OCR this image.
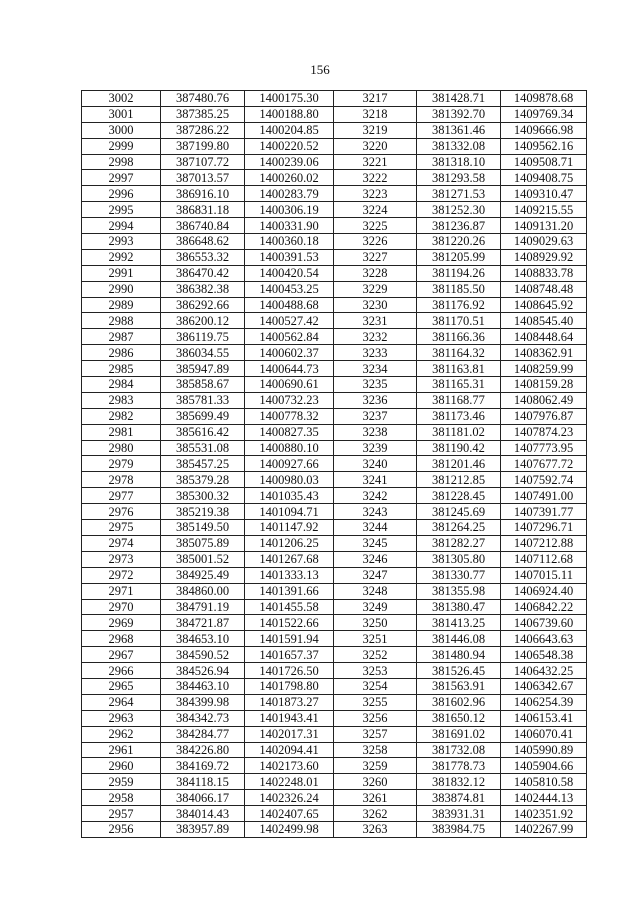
156
3002	387480.76	1400175.30	3217	381428.71	1409878.68
3001	387385.25	1400188.80	3218	381392.70	1409769.34
3000	387286.22	1400204.85	3219	381361.46	1409666.98
2999	387199.80	1400220.52	3220	381332.08	1409562.16
2998	387107.72	1400239.06	3221	381318.10	1409508.71
2997	387013.57	1400260.02	3222	381293.58	1409408.75
2996	386916.10	1400283.79	3223	381271.53	1409310.47
2995	386831.18	1400306.19	3224	381252.30	1409215.55
2994	386740.84	1400331.90	3225	381236.87	1409131.20
2993	386648.62	1400360.18	3226	381220.26	1409029.63
2992	386553.32	1400391.53	3227	381205.99	1408929.92
2991	386470.42	1400420.54	3228	381194.26	1408833.78
2990	386382.38	1400453.25	3229	381185.50	1408748.48
2989	386292.66	1400488.68	3230	381176.92	1408645.92
2988	386200.12	1400527.42	3231	381170.51	1408545.40
2987	386119.75	1400562.84	3232	381166.36	1408448.64
2986	386034.55	1400602.37	3233	381164.32	1408362.91
2985	385947.89	1400644.73	3234	381163.81	1408259.99
2984	385858.67	1400690.61	3235	381165.31	1408159.28
2983	385781.33	1400732.23	3236	381168.77	1408062.49
2982	385699.49	1400778.32	3237	381173.46	1407976.87
2981	385616.42	1400827.35	3238	381181.02	1407874.23
2980	385531.08	1400880.10	3239	381190.42	1407773.95
2979	385457.25	1400927.66	3240	381201.46	1407677.72
2978	385379.28	1400980.03	3241	381212.85	1407592.74
2977	385300.32	1401035.43	3242	381228.45	1407491.00
2976	385219.38	1401094.71	3243	381245.69	1407391.77
2975	385149.50	1401147.92	3244	381264.25	1407296.71
2974	385075.89	1401206.25	3245	381282.27	1407212.88
2973	385001.52	1401267.68	3246	381305.80	1407112.68
2972	384925.49	1401333.13	3247	381330.77	1407015.11
2971	384860.00	1401391.66	3248	381355.98	1406924.40
2970	384791.19	1401455.58	3249	381380.47	1406842.22
2969	384721.87	1401522.66	3250	381413.25	1406739.60
2968	384653.10	1401591.94	3251	381446.08	1406643.63
2967	384590.52	1401657.37	3252	381480.94	1406548.38
2966	384526.94	1401726.50	3253	381526.45	1406432.25
2965	384463.10	1401798.80	3254	381563.91	1406342.67
2964	384399.98	1401873.27	3255	381602.96	1406254.39
2963	384342.73	1401943.41	3256	381650.12	1406153.41
2962	384284.77	1402017.31	3257	381691.02	1406070.41
2961	384226.80	1402094.41	3258	381732.08	1405990.89
2960	384169.72	1402173.60	3259	381778.73	1405904.66
2959	384118.15	1402248.01	3260	381832.12	1405810.58
2958	384066.17	1402326.24	3261	383874.81	1402444.13
2957	384014.43	1402407.65	3262	383931.31	1402351.92
2956	383957.89	1402499.98	3263	383984.75	1402267.99
